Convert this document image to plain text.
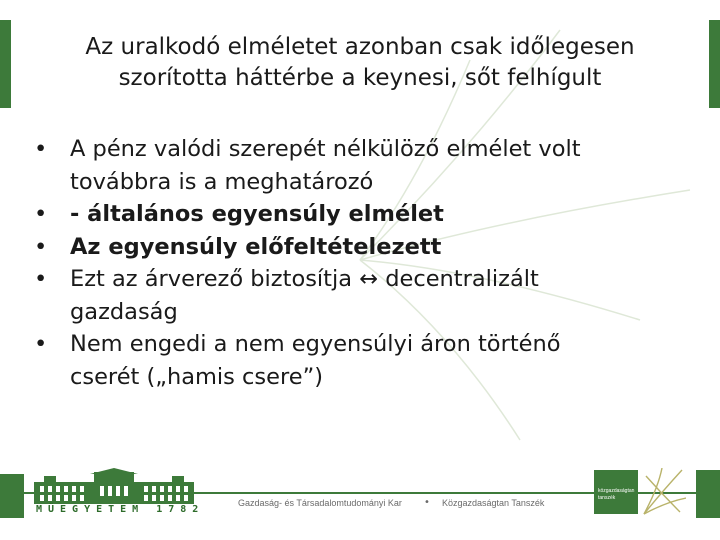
Az uralkodó elméletet azonban csak időlegesen
szorította háttérbe a keynesi, sőt felhígult
• A pénz valódi szerepét nélkülöző elmélet volt
továbbra is a meghatározó
• - általános egyensúly elmélet
• Az egyensúly előfeltételezett
• Ezt az árverező biztosítja ↔ decentralizált
gazdaság
• Nem engedi a nem egyensúlyi áron történő
cserét („hamis csere”)
MŰEGYETEM 1782
Gazdaság- és Társadalomtudományi Kar • Közgazdaságtan Tanszék
közgazdaságtan
tanszék
